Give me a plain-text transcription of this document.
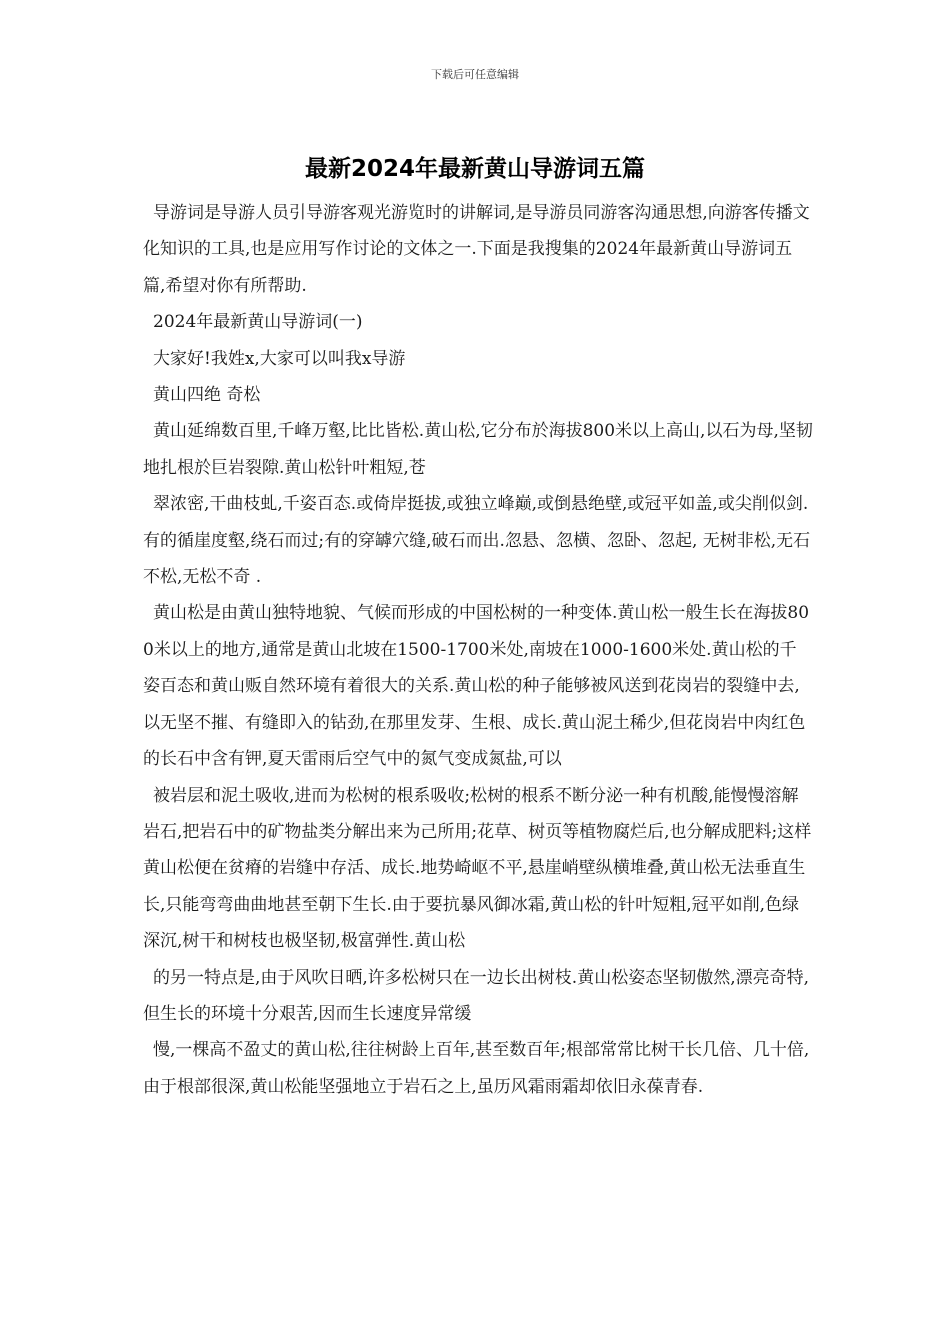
下载后可任意编辑
最新2024年最新黄山导游词五篇

导游词是导游人员引导游客观光游览时的讲解词,是导游员同游客沟通思想,向游客传播文化知识的工具,也是应用写作讨论的文体之一.下面是我搜集的2024年最新黄山导游词五篇,希望对你有所帮助.

2024年最新黄山导游词(一)

大家好!我姓x,大家可以叫我x导游

黄山四绝 奇松

黄山延绵数百里,千峰万壑,比比皆松.黄山松,它分布於海拔800米以上高山,以石为母,坚韧地扎根於巨岩裂隙.黄山松针叶粗短,苍

翠浓密,干曲枝虬,千姿百态.或倚岸挺拔,或独立峰巅,或倒悬绝壁,或冠平如盖,或尖削似剑.有的循崖度壑,绕石而过;有的穿罅穴缝,破石而出.忽悬、忽横、忽卧、忽起, 无树非松,无石不松,无松不奇 .

黄山松是由黄山独特地貌、气候而形成的中国松树的一种变体.黄山松一般生长在海拔800米以上的地方,通常是黄山北坡在1500-1700米处,南坡在1000-1600米处.黄山松的千姿百态和黄山贩自然环境有着很大的关系.黄山松的种子能够被风送到花岗岩的裂缝中去,以无坚不摧、有缝即入的钻劲,在那里发芽、生根、成长.黄山泥土稀少,但花岗岩中肉红色的长石中含有钾,夏天雷雨后空气中的氮气变成氮盐,可以

被岩层和泥土吸收,进而为松树的根系吸收;松树的根系不断分泌一种有机酸,能慢慢溶解岩石,把岩石中的矿物盐类分解出来为己所用;花草、树页等植物腐烂后,也分解成肥料;这样黄山松便在贫瘠的岩缝中存活、成长.地势崎岖不平,悬崖峭壁纵横堆叠,黄山松无法垂直生长,只能弯弯曲曲地甚至朝下生长.由于要抗暴风御冰霜,黄山松的针叶短粗,冠平如削,色绿深沉,树干和树枝也极坚韧,极富弹性.黄山松

的另一特点是,由于风吹日晒,许多松树只在一边长出树枝.黄山松姿态坚韧傲然,漂亮奇特,但生长的环境十分艰苦,因而生长速度异常缓

慢,一棵高不盈丈的黄山松,往往树龄上百年,甚至数百年;根部常常比树干长几倍、几十倍,由于根部很深,黄山松能坚强地立于岩石之上,虽历风霜雨霜却依旧永葆青春.
